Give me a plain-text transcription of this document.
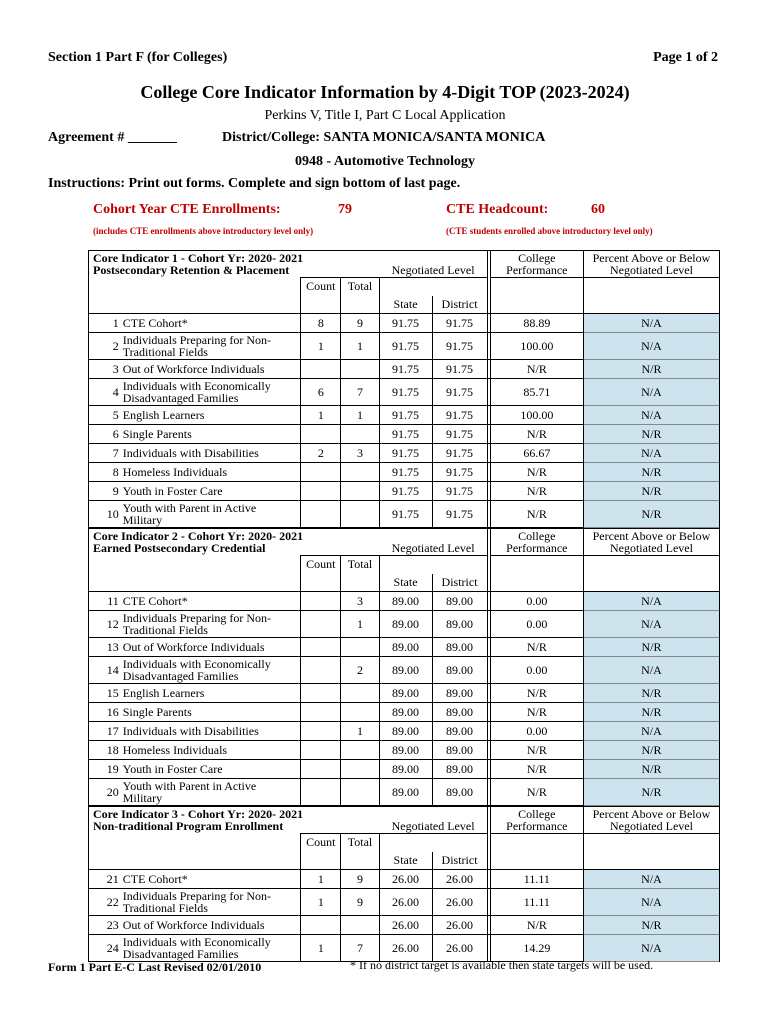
Section 1 Part F (for Colleges)	Page 1 of 2
College Core Indicator Information by 4-Digit TOP (2023-2024)
Perkins V, Title I, Part C Local Application
Agreement # _______	District/College: SANTA MONICA/SANTA MONICA
0948 - Automotive Technology
Instructions: Print out forms. Complete and sign bottom of last page.
Cohort Year CTE Enrollments:	79
(includes CTE enrollments above introductory level only)
CTE Headcount:	60
(CTE students enrolled above introductory level only)
Core Indicator 1 - Cohort Yr: 2020- 2021
Postsecondary Retention & Placement							College Performance	Percent Above or Below Negotiated Level

		Count	Total	Negotiated Level				

				State	District			
1	CTE Cohort*	8	9	91.75	91.75		88.89	N/A
2	Individuals Preparing for Non-Traditional Fields	1	1	91.75	91.75		100.00	N/A
3	Out of Workforce Individuals			91.75	91.75		N/R	N/R
4	Individuals with Economically Disadvantaged Families	6	7	91.75	91.75		85.71	N/A
5	English Learners	1	1	91.75	91.75		100.00	N/A
6	Single Parents			91.75	91.75		N/R	N/R
7	Individuals with Disabilities	2	3	91.75	91.75		66.67	N/A
8	Homeless Individuals			91.75	91.75		N/R	N/R
9	Youth in Foster Care			91.75	91.75		N/R	N/R
10	Youth with Parent in Active Military			91.75	91.75		N/R	N/R
Core Indicator 2 - Cohort Yr: 2020- 2021
Earned Postsecondary Credential							College Performance	Percent Above or Below Negotiated Level

		Count	Total	Negotiated Level				

				State	District			
11	CTE Cohort*		3	89.00	89.00		0.00	N/A
12	Individuals Preparing for Non-Traditional Fields		1	89.00	89.00		0.00	N/A
13	Out of Workforce Individuals			89.00	89.00		N/R	N/R
14	Individuals with Economically Disadvantaged Families		2	89.00	89.00		0.00	N/A
15	English Learners			89.00	89.00		N/R	N/R
16	Single Parents			89.00	89.00		N/R	N/R
17	Individuals with Disabilities		1	89.00	89.00		0.00	N/A
18	Homeless Individuals			89.00	89.00		N/R	N/R
19	Youth in Foster Care			89.00	89.00		N/R	N/R
20	Youth with Parent in Active Military			89.00	89.00		N/R	N/R
Core Indicator 3 - Cohort Yr: 2020- 2021
Non-traditional Program Enrollment							College Performance	Percent Above or Below Negotiated Level

		Count	Total	Negotiated Level				

				State	District			
21	CTE Cohort*	1	9	26.00	26.00		11.11	N/A
22	Individuals Preparing for Non-Traditional Fields	1	9	26.00	26.00		11.11	N/A
23	Out of Workforce Individuals			26.00	26.00		N/R	N/R
24	Individuals with Economically Disadvantaged Families	1	7	26.00	26.00		14.29	N/A
Form 1 Part E-C Last Revised 02/01/2010	* If no district target is available then state targets will be used.
